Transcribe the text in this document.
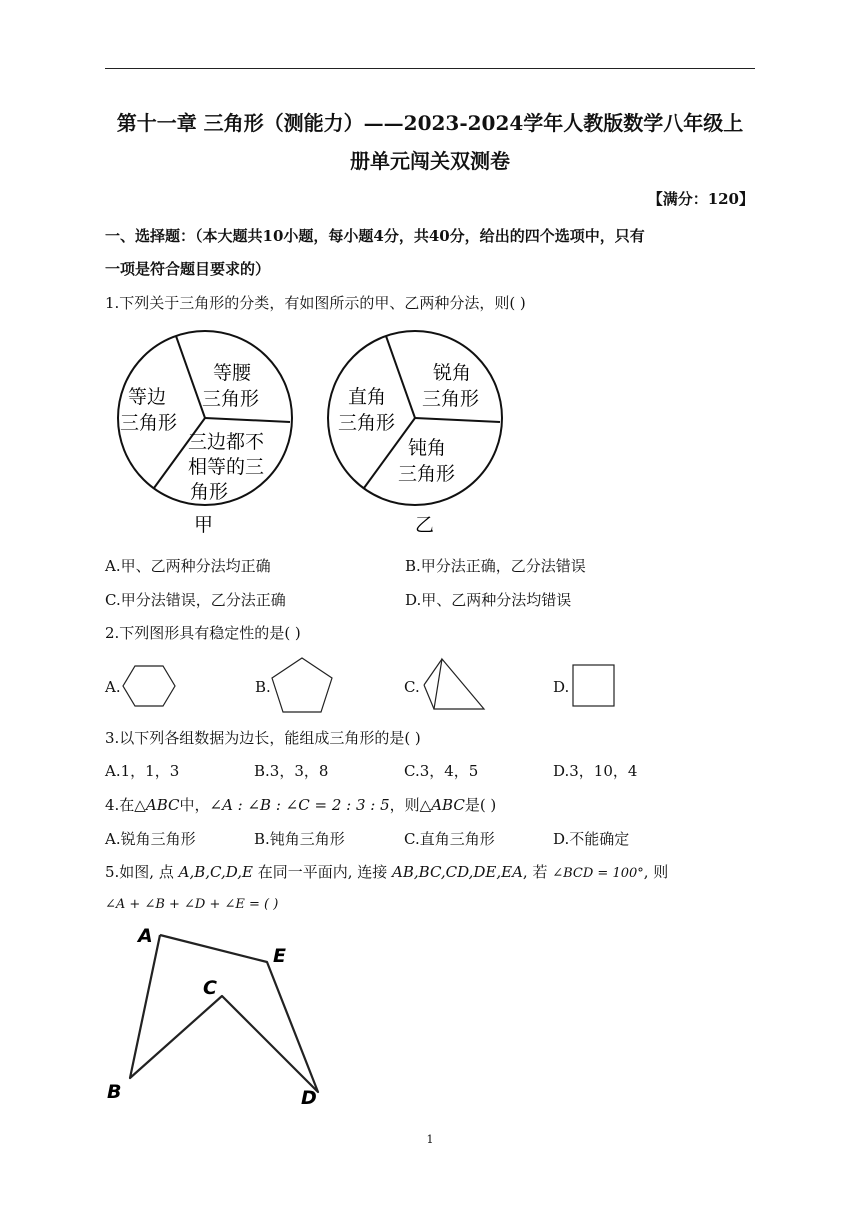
第十一章 三角形（测能力）——2023-2024学年人教版数学八年级上
册单元闯关双测卷
【满分：120】
一、选择题：（本大题共10小题，每小题4分，共40分，给出的四个选项中，只有
一项是符合题目要求的）
1.下列关于三角形的分类，有如图所示的甲、乙两种分法，则( )
等边
三角形
等腰
三角形
三边都不
相等的三
角形
甲
直角
三角形
锐角
三角形
钝角
三角形
乙
A.甲、乙两种分法均正确	B.甲分法正确，乙分法错误
C.甲分法错误，乙分法正确	D.甲、乙两种分法均错误
2.下列图形具有稳定性的是( )
A.	B.	C.	D.
3.以下列各组数据为边长，能组成三角形的是( )
A.1，1，3	B.3，3，8	C.3，4，5	D.3，10，4
4.在△ABC中，∠A : ∠B : ∠C = 2 : 3 : 5，则△ABC是( )
A.锐角三角形	B.钝角三角形	C.直角三角形	D.不能确定
5.如图, 点 A,B,C,D,E 在同一平面内, 连接 AB,BC,CD,DE,EA, 若 ∠BCD = 100°, 则
∠A + ∠B + ∠D + ∠E = ( )
A
B
C
D
E
1
